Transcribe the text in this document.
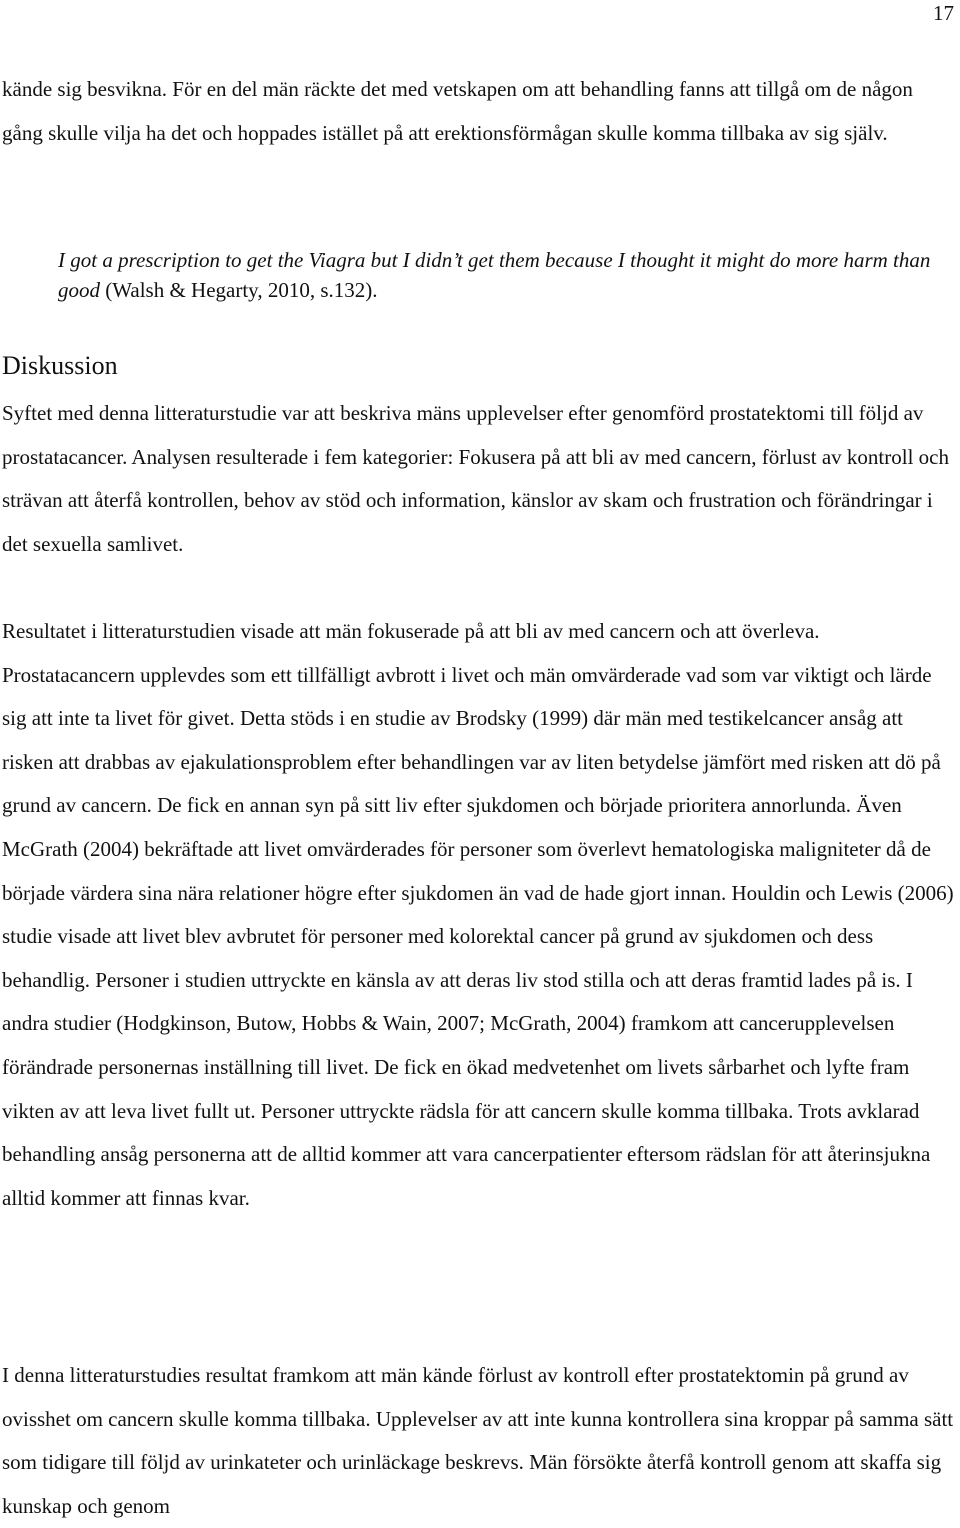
17

kände sig besvikna. För en del män räckte det med vetskapen om att behandling fanns att tillgå om de någon gång skulle vilja ha det och hoppades istället på att erektionsförmågan skulle komma tillbaka av sig själv.

I got a prescription to get the Viagra but I didn’t get them because I thought it might do more harm than good (Walsh & Hegarty, 2010, s.132).

Diskussion

Syftet med denna litteraturstudie var att beskriva mäns upplevelser efter genomförd prostatektomi till följd av prostatacancer. Analysen resulterade i fem kategorier: Fokusera på att bli av med cancern, förlust av kontroll och strävan att återfå kontrollen, behov av stöd och information, känslor av skam och frustration och förändringar i det sexuella samlivet.

Resultatet i litteraturstudien visade att män fokuserade på att bli av med cancern och att överleva. Prostatacancern upplevdes som ett tillfälligt avbrott i livet och män omvärderade vad som var viktigt och lärde sig att inte ta livet för givet. Detta stöds i en studie av Brodsky (1999) där män med testikelcancer ansåg att risken att drabbas av ejakulationsproblem efter behandlingen var av liten betydelse jämfört med risken att dö på grund av cancern. De fick en annan syn på sitt liv efter sjukdomen och började prioritera annorlunda. Även McGrath (2004) bekräftade att livet omvärderades för personer som överlevt hematologiska maligniteter då de började värdera sina nära relationer högre efter sjukdomen än vad de hade gjort innan. Houldin och Lewis (2006) studie visade att livet blev avbrutet för personer med kolorektal cancer på grund av sjukdomen och dess behandlig. Personer i studien uttryckte en känsla av att deras liv stod stilla och att deras framtid lades på is. I andra studier (Hodgkinson, Butow, Hobbs & Wain, 2007; McGrath, 2004) framkom att cancerupplevelsen förändrade personernas inställning till livet. De fick en ökad medvetenhet om livets sårbarhet och lyfte fram vikten av att leva livet fullt ut. Personer uttryckte rädsla för att cancern skulle komma tillbaka. Trots avklarad behandling ansåg personerna att de alltid kommer att vara cancerpatienter eftersom rädslan för att återinsjukna alltid kommer att finnas kvar.

I denna litteraturstudies resultat framkom att män kände förlust av kontroll efter prostatektomin på grund av ovisshet om cancern skulle komma tillbaka. Upplevelser av att inte kunna kontrollera sina kroppar på samma sätt som tidigare till följd av urinkateter och urinläckage beskrevs. Män försökte återfå kontroll genom att skaffa sig kunskap och genom
